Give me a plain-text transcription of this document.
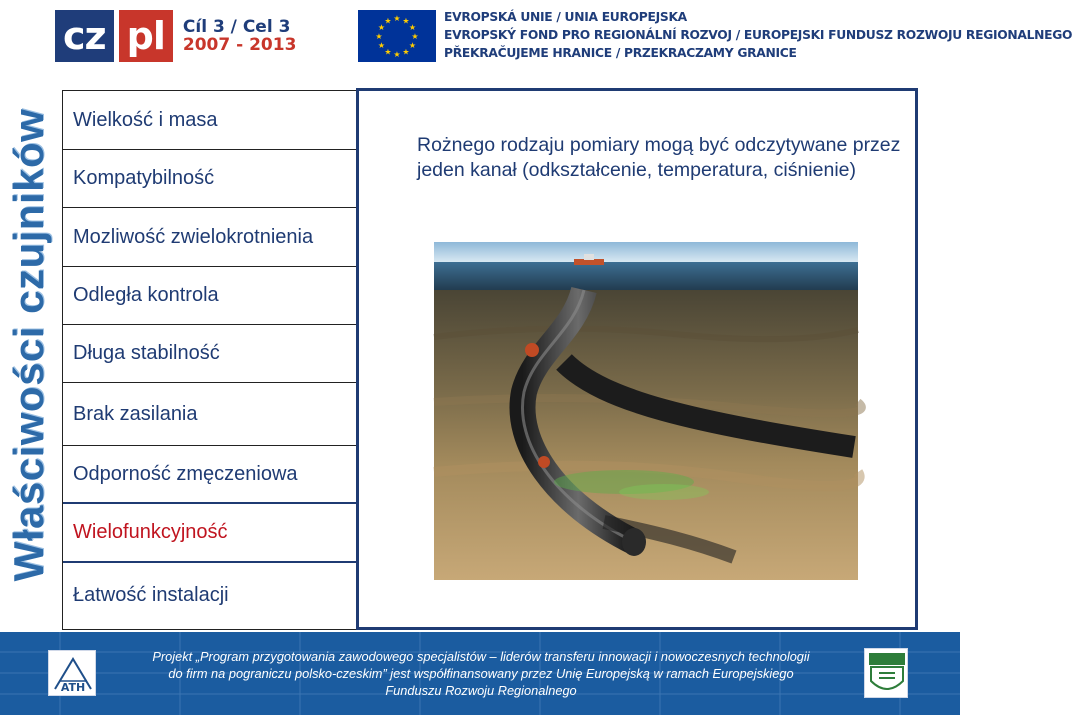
cz pl	Cíl 3 / Cel 3
2007 - 2013
★ ★
★
★
★
★
★
★
★
★
★
★	EVROPSKÁ UNIE / UNIA EUROPEJSKA
EVROPSKÝ FOND PRO REGIONÁLNÍ ROZVOJ / EUROPEJSKI FUNDUSZ ROZWOJU REGIONALNEGO
PŘEKRAČUJEME HRANICE / PRZEKRACZAMY GRANICE
Właściwości czujników	Wielkość i masa
Kompatybilność
Mozliwość zwielokrotnienia
Odległa kontrola
Długa stabilność
Brak zasilania
Odporność zmęczeniowa
Wielofunkcyjność
Łatwość instalacji
Rożnego rodzaju pomiary mogą być odczytywane przez jeden kanał (odkształcenie, temperatura, ciśnienie)
ATH
Projekt „Program przygotowania zawodowego specjalistów – liderów transferu innowacji i nowoczesnych technologii
do firm na pograniczu polsko-czeskim” jest współfinansowany przez Unię Europejską w ramach Europejskiego
Funduszu Rozwoju Regionalnego
